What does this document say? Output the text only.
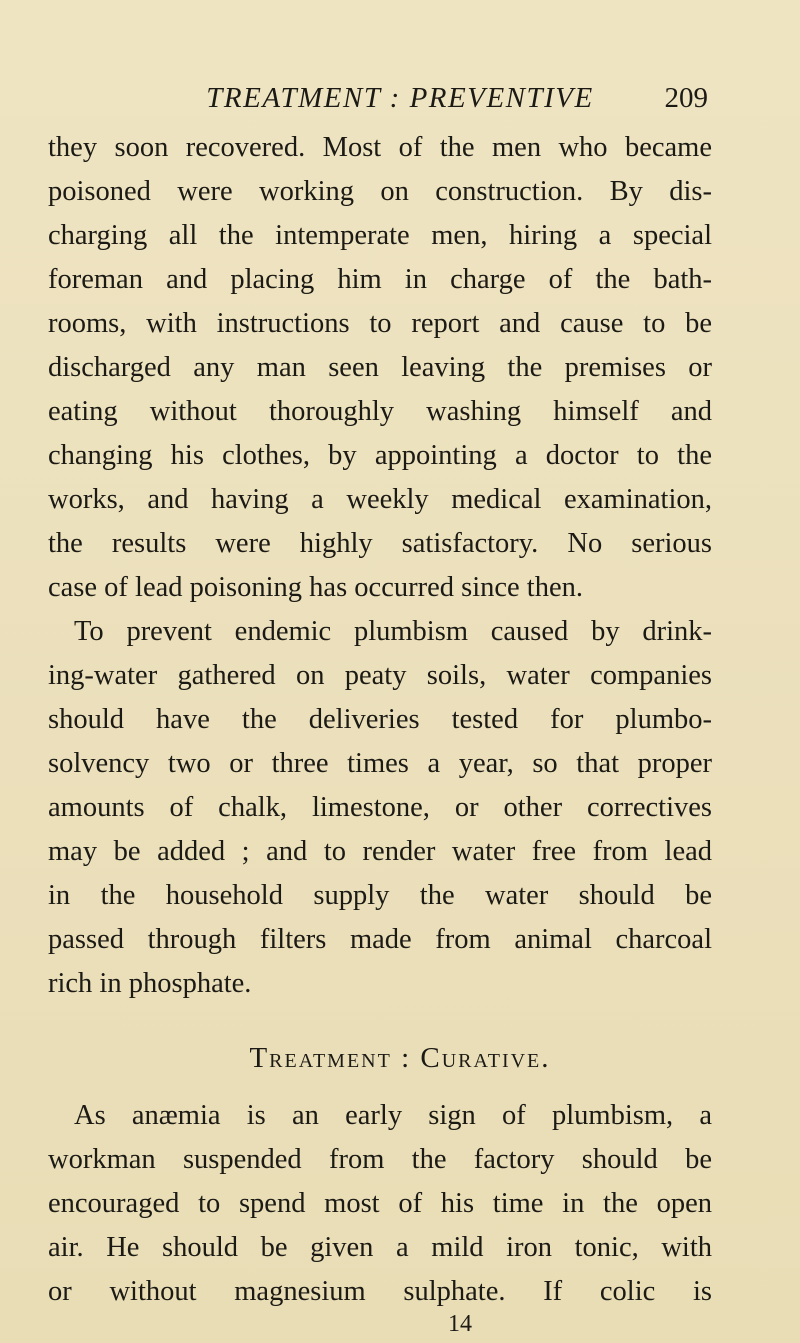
TREATMENT : PREVENTIVE	209
they soon recovered. Most of the men who became
poisoned were working on construction. By dis-
charging all the intemperate men, hiring a special
foreman and placing him in charge of the bath-
rooms, with instructions to report and cause to be
discharged any man seen leaving the premises or
eating without thoroughly washing himself and
changing his clothes, by appointing a doctor to the
works, and having a weekly medical examination,
the results were highly satisfactory. No serious
case of lead poisoning has occurred since then.
To prevent endemic plumbism caused by drink-
ing-water gathered on peaty soils, water companies
should have the deliveries tested for plumbo-
solvency two or three times a year, so that proper
amounts of chalk, limestone, or other correctives
may be added ; and to render water free from lead
in the household supply the water should be
passed through filters made from animal charcoal
rich in phosphate.
Treatment : Curative.
As anæmia is an early sign of plumbism, a
workman suspended from the factory should be
encouraged to spend most of his time in the open
air. He should be given a mild iron tonic, with
or without magnesium sulphate. If colic is
14
